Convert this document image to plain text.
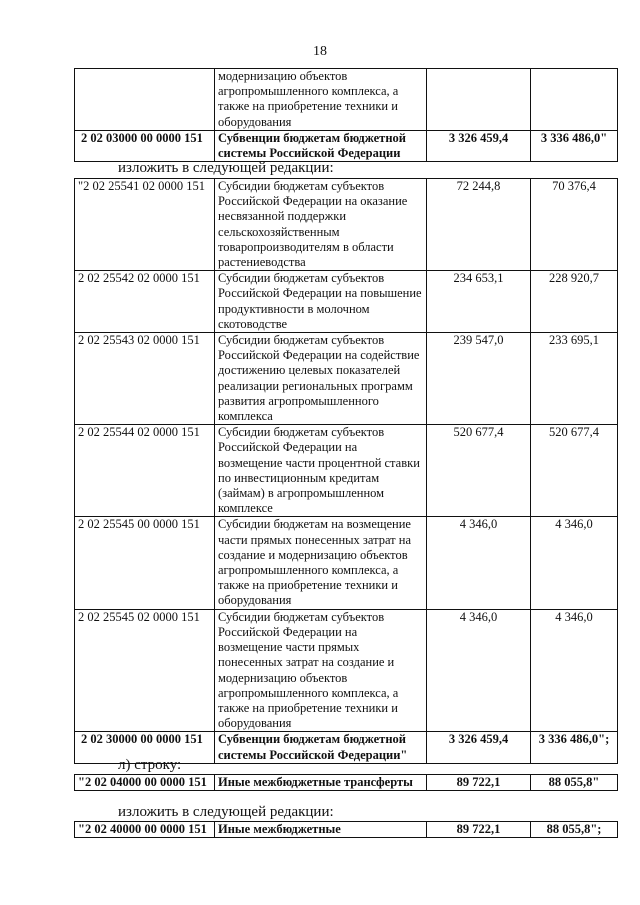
18
	модернизацию объектов агропромышленного комплекса, а также на приобретение техники и оборудования		
2 02 03000 00 0000 151	Субвенции бюджетам бюджетной системы Российской Федерации	3 326 459,4	3 336 486,0"
изложить в следующей редакции:
"2 02 25541 02 0000 151	Субсидии бюджетам субъектов Российской Федерации на оказание несвязанной поддержки сельскохозяйственным товаропроизводителям в области растениеводства	72 244,8	70 376,4
2 02 25542 02 0000 151	Субсидии бюджетам субъектов Российской Федерации на повышение продуктивности в молочном скотоводстве	234 653,1	228 920,7
2 02 25543 02 0000 151	Субсидии бюджетам субъектов Российской Федерации на содействие достижению целевых показателей реализации региональных программ развития агропромышленного комплекса	239 547,0	233 695,1
2 02 25544 02 0000 151	Субсидии бюджетам субъектов Российской Федерации на возмещение части процентной ставки по инвестиционным кредитам (займам) в агропромышленном комплексе	520 677,4	520 677,4
2 02 25545 00 0000 151	Субсидии бюджетам на возмещение части прямых понесенных затрат на создание и модернизацию объектов агропромышленного комплекса, а также на приобретение техники и оборудования	4 346,0	4 346,0
2 02 25545 02 0000 151	Субсидии бюджетам субъектов Российской Федерации на возмещение части прямых понесенных затрат на создание и модернизацию объектов агропромышленного комплекса, а также на приобретение техники и оборудования	4 346,0	4 346,0
2 02 30000 00 0000 151	Субвенции бюджетам бюджетной системы Российской Федерации"	3 326 459,4	3 336 486,0";
л) строку:
"2 02 04000 00 0000 151	Иные межбюджетные трансферты	89 722,1	88 055,8"
изложить в следующей редакции:
"2 02 40000 00 0000 151	Иные межбюджетные	89 722,1	88 055,8";
